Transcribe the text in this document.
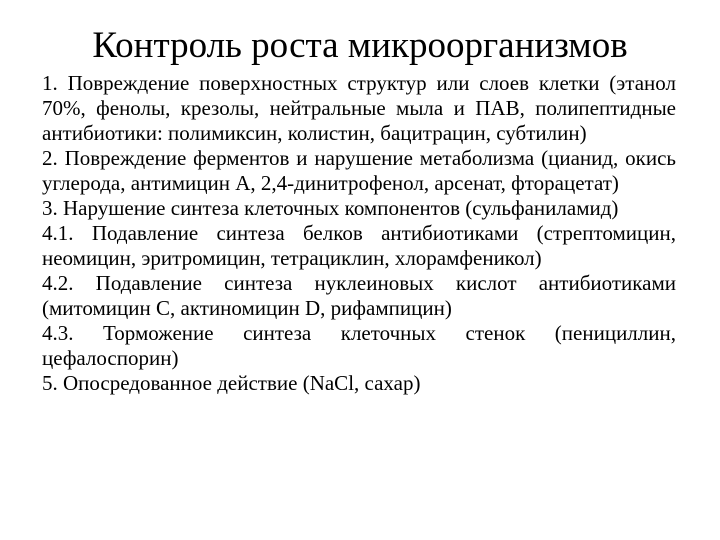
Контроль роста микроорганизмов
1. Повреждение поверхностных структур или слоев клетки (этанол 70%, фенолы, крезолы, нейтральные мыла и ПАВ, полипептидные антибиотики: полимиксин, колистин, бацитрацин, субтилин)
2. Повреждение ферментов и нарушение метаболизма (цианид, окись углерода, антимицин А, 2,4-динитрофенол, арсенат, фторацетат)
3. Нарушение синтеза клеточных компонентов (сульфаниламид)
4.1. Подавление синтеза белков антибиотиками (стрептомицин, неомицин, эритромицин, тетрациклин, хлорамфеникол)
4.2. Подавление синтеза нуклеиновых кислот антибиотиками (митомицин С, актиномицин D, рифампицин)
4.3. Торможение синтеза клеточных стенок (пенициллин, цефалоспорин)
5. Опосредованное действие (NaCl, сахар)
